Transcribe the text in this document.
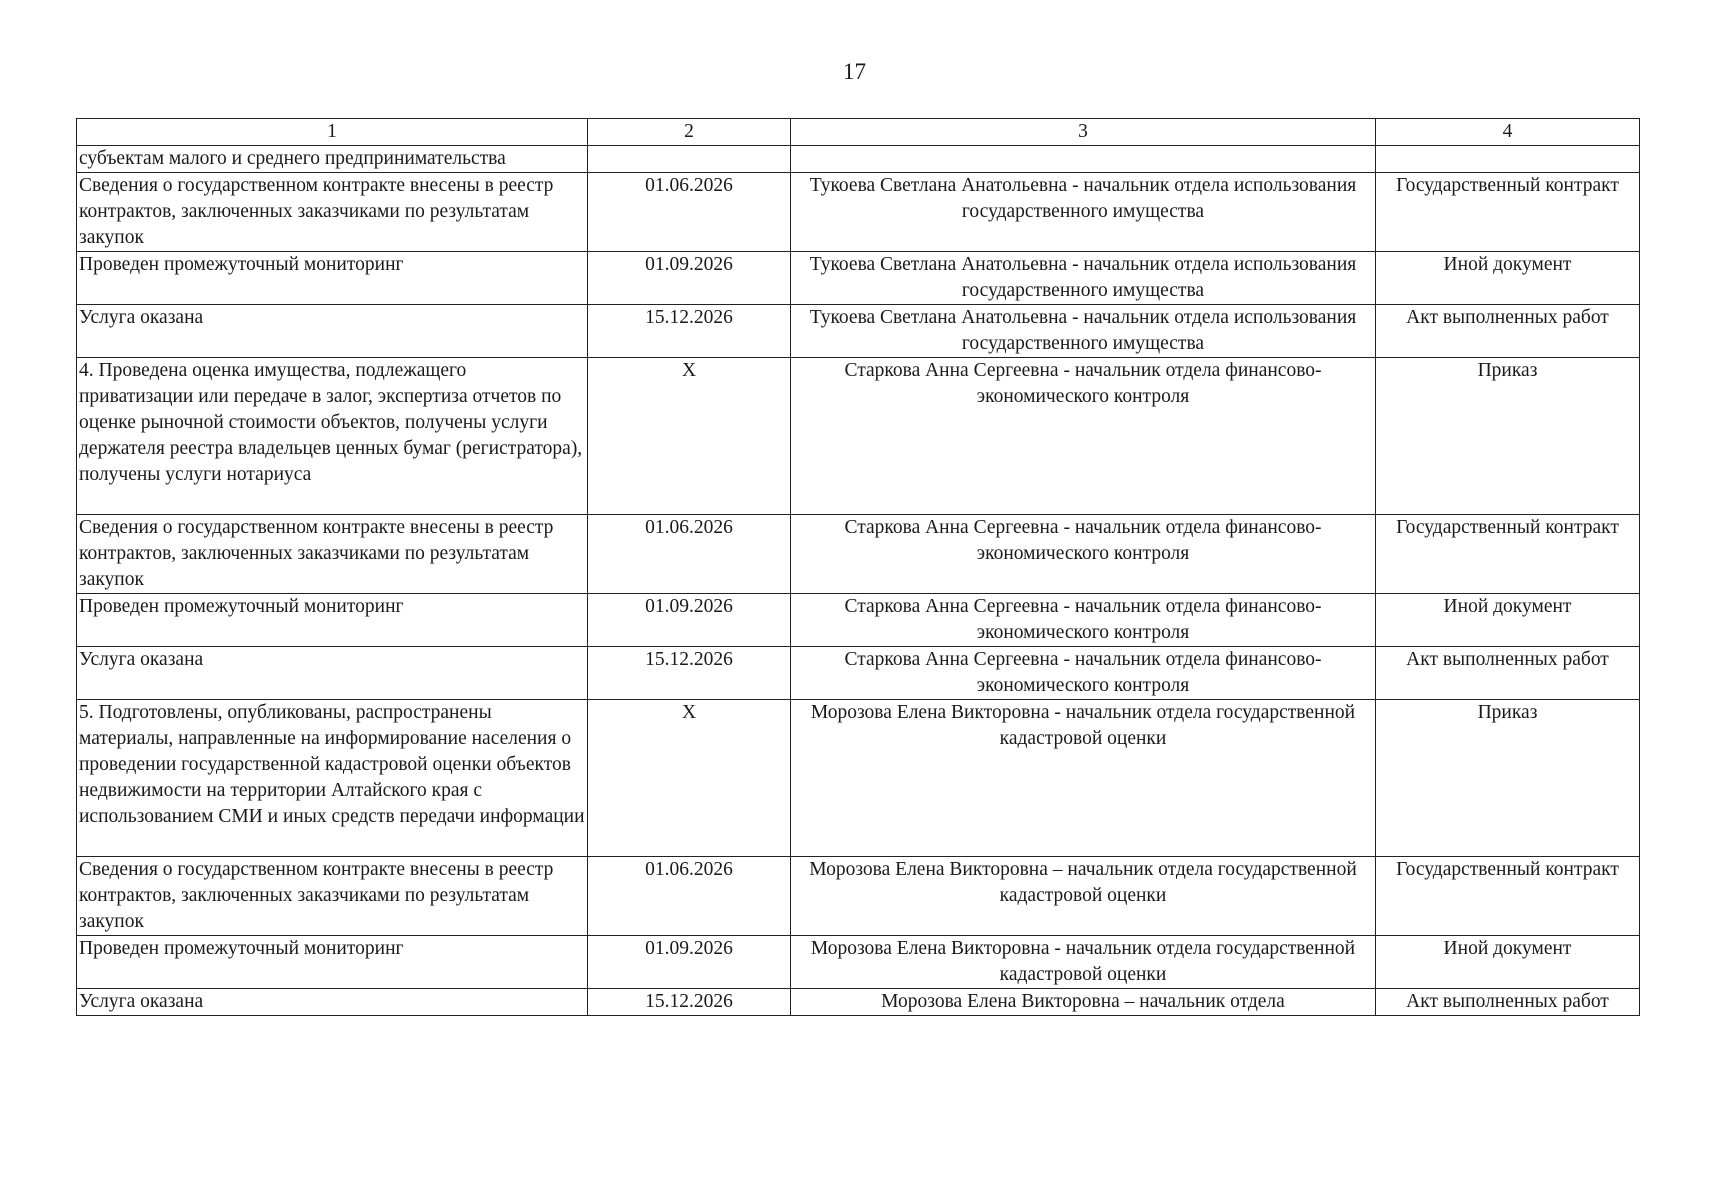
17
1	2	3	4
субъектам малого и среднего предпринимательства			
Сведения о государственном контракте внесены в реестр контрактов, заключенных заказчиками по результатам закупок	01.06.2026	Тукоева Светлана Анатольевна - начальник отдела использования государственного имущества	Государственный контракт
Проведен промежуточный мониторинг	01.09.2026	Тукоева Светлана Анатольевна - начальник отдела использования государственного имущества	Иной документ
Услуга оказана	15.12.2026	Тукоева Светлана Анатольевна - начальник отдела использования государственного имущества	Акт выполненных работ
4. Проведена оценка имущества, подлежащего приватизации или передаче в залог, экспертиза отчетов по оценке рыночной стоимости объектов, получены услуги держателя реестра владельцев ценных бумаг (регистратора), получены услуги нотариуса	X	Старкова Анна Сергеевна - начальник отдела финансово-экономического контроля	Приказ
Сведения о государственном контракте внесены в реестр контрактов, заключенных заказчиками по результатам закупок	01.06.2026	Старкова Анна Сергеевна - начальник отдела финансово-экономического контроля	Государственный контракт
Проведен промежуточный мониторинг	01.09.2026	Старкова Анна Сергеевна - начальник отдела финансово-экономического контроля	Иной документ
Услуга оказана	15.12.2026	Старкова Анна Сергеевна - начальник отдела финансово-экономического контроля	Акт выполненных работ
5. Подготовлены, опубликованы, распространены материалы, направленные на информирование населения о проведении государственной кадастровой оценки объектов недвижимости на территории Алтайского края с использованием СМИ и иных средств передачи информации	X	Морозова Елена Викторовна - начальник отдела государственной кадастровой оценки	Приказ
Сведения о государственном контракте внесены в реестр контрактов, заключенных заказчиками по результатам закупок	01.06.2026	Морозова Елена Викторовна – начальник отдела государственной кадастровой оценки	Государственный контракт
Проведен промежуточный мониторинг	01.09.2026	Морозова Елена Викторовна - начальник отдела государственной кадастровой оценки	Иной документ
Услуга оказана	15.12.2026	Морозова Елена Викторовна – начальник отдела	Акт выполненных работ
